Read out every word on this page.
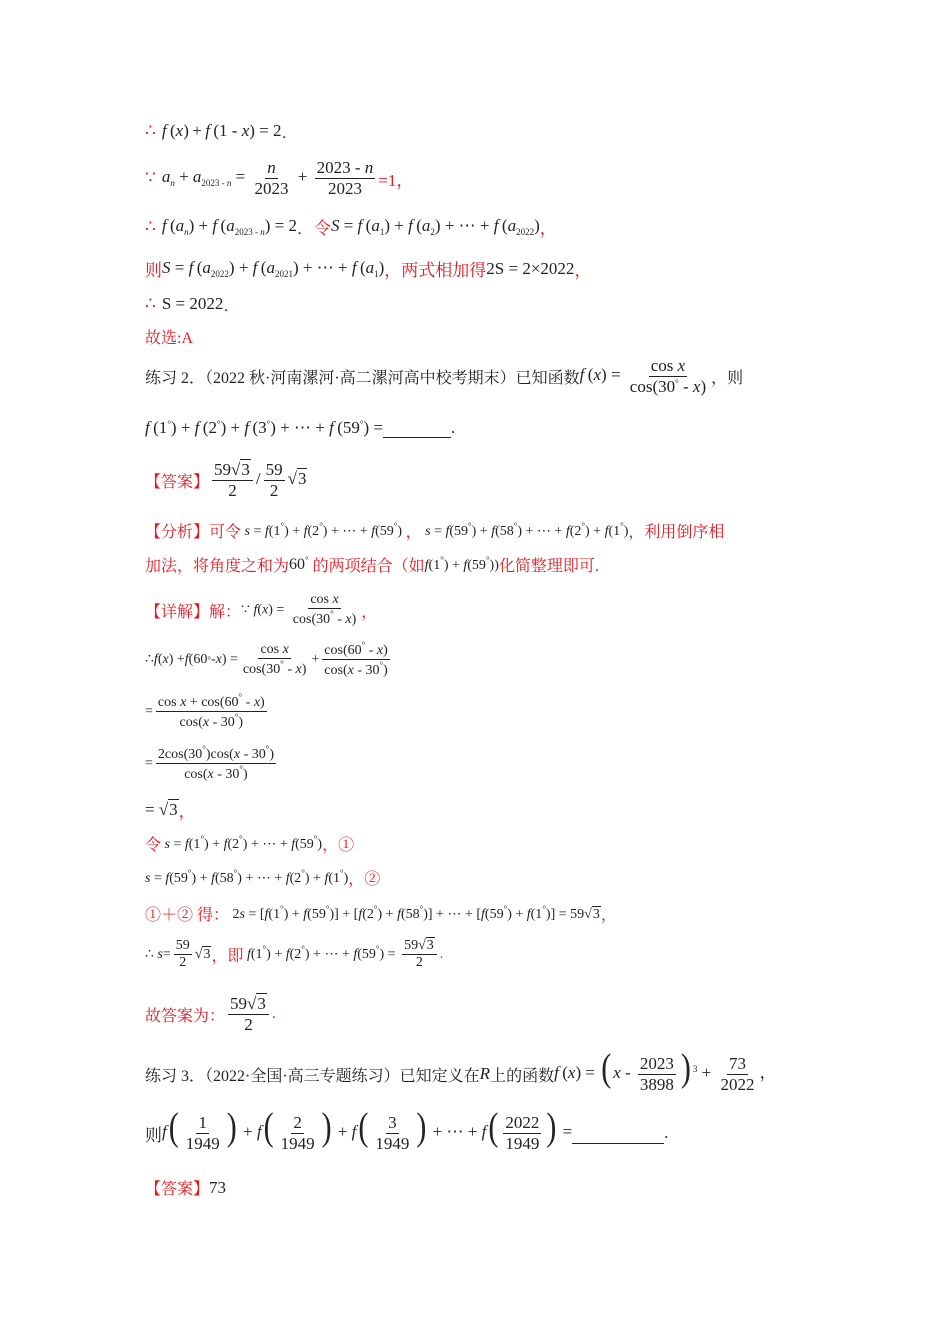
∴ f (x) + f (1 - x) = 2 ．
∵ $a_n + a_{2023 - n} = \frac{n}{2023} + \frac{2023 - n}{2023} =1$，
∴ f $(a_n) + f$ $(a_{2023 - n}) = 2$ ．令 S = f $(a_1) + f$ $(a_2)$ + ⋯ + f $(a_{2022})$ ，
则 S = f $(a_{2022}) + f$ $(a_{2021})$ + ⋯ + f $(a_1)$ ，两式相加得 2S = 2×2022 ，
∴ S = 2022 ．
故选:A
练习 2．（2022 秋·河南漯河·高二漯河高中校考期末）已知函数 f $(x) = \frac{\text{cos x}}{\cos(30^\circ - x)}$ ，则
f (1°) + f (2°) + f (3°) + ⋯ + f (59°) =	.
【答案】 $\frac{59√3}{2} / \frac{59}{2} √3$
【分析】 可令 s = f(1°) + f(2°) + ⋯ + f(59°) ， s = f(59°) + f(58°) + ⋯ + f(2°) + f(1°) ，利用倒序相
加法，将角度之和为 60° 的两项结合（如 f(1°) + f(59°)) 化简整理即可.
【详解】 解： ∵ $f(x) = \frac{\text{cos x}}{\cos(30^\circ - x)}$ ，
∴ f ( x ) + f (60 ° - x ) = $\frac{\text{cos x}}{\cos(30^\circ - x)} + \frac{\cos(60^\circ - x)}{\cos(x - 30^\circ)}$
= $\frac{\cos x + \cos(60^\circ - x)}{\cos(x - 30^\circ)}$
= $\frac{2\cos(30^\circ)\cos(x - 30^\circ)}{\cos(x - 30^\circ)}$
= √ 3 ，
令 s = f(1°) + f(2°) + ⋯ + f(59°) ，①
s = f(59°) + f(58°) + ⋯ + f(2°) + f(1°) ，②
①＋② 得： 2s = [f(1°) + f(59°)] + [f(2°) + f(58°)] + ⋯ + [f(59°) + f(1°)] = 59√3 ，
∴ $s = \frac{59}{2}$ √ 3 ，即 f(1°) + f(2°) + ⋯ + $f(59^\circ) = \frac{59√3}{2}$ .
故答案为： $\frac{59√3}{2}$ .
练习 3．（2022·全国·高三专题练习）已知定义在 R 上的函数 f (x) = ( x - $\frac{2023}{3898}$ ) $^3 + \frac{73}{2022}$ ，
则 $f( \frac{1}{1949}$ ) + $f( \frac{2}{1949}$ ) + $f( \frac{3}{1949}$ ) + ⋯ + $f( \frac{2022}{1949}$ ) =	.
【答案】 73
